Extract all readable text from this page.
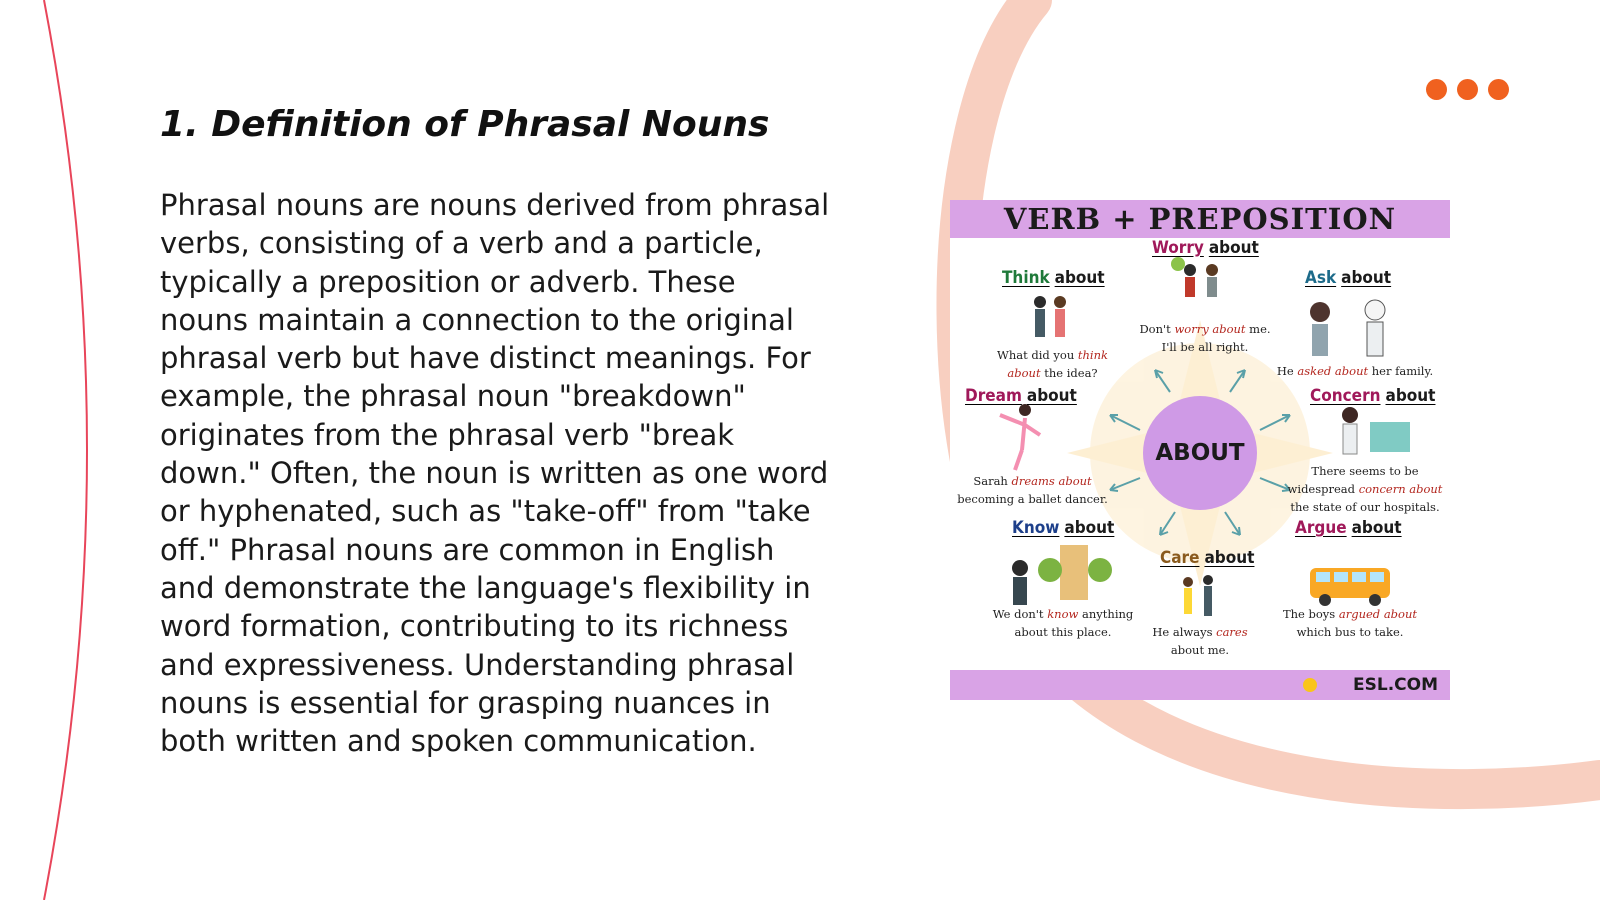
1. Definition of Phrasal Nouns

Phrasal nouns are nouns derived from phrasal verbs, consisting of a verb and a particle, typically a preposition or adverb. These nouns maintain a connection to the original phrasal verb but have distinct meanings. For example, the phrasal noun "breakdown" originates from the phrasal verb "break down." Often, the noun is written as one word or hyphenated, such as "take-off" from "take off." Phrasal nouns are common in English and demonstrate the language's flexibility in word formation, contributing to its richness and expressiveness. Understanding phrasal nouns is essential for grasping nuances in both written and spoken communication.

VERB + PREPOSITION
ABOUT
Worry about
Think about	Ask about
Dream about	Concern about
Know about
Care about
Argue about
Don't worry about me. I'll be all right.
What did you think about the idea?	He asked about her family.
Sarah dreams about becoming a ballet dancer.
There seems to be widespread concern about the state of our hospitals.
We don't know anything about this place.	He always cares about me.
The boys argued about which bus to take.
ESL.COM
